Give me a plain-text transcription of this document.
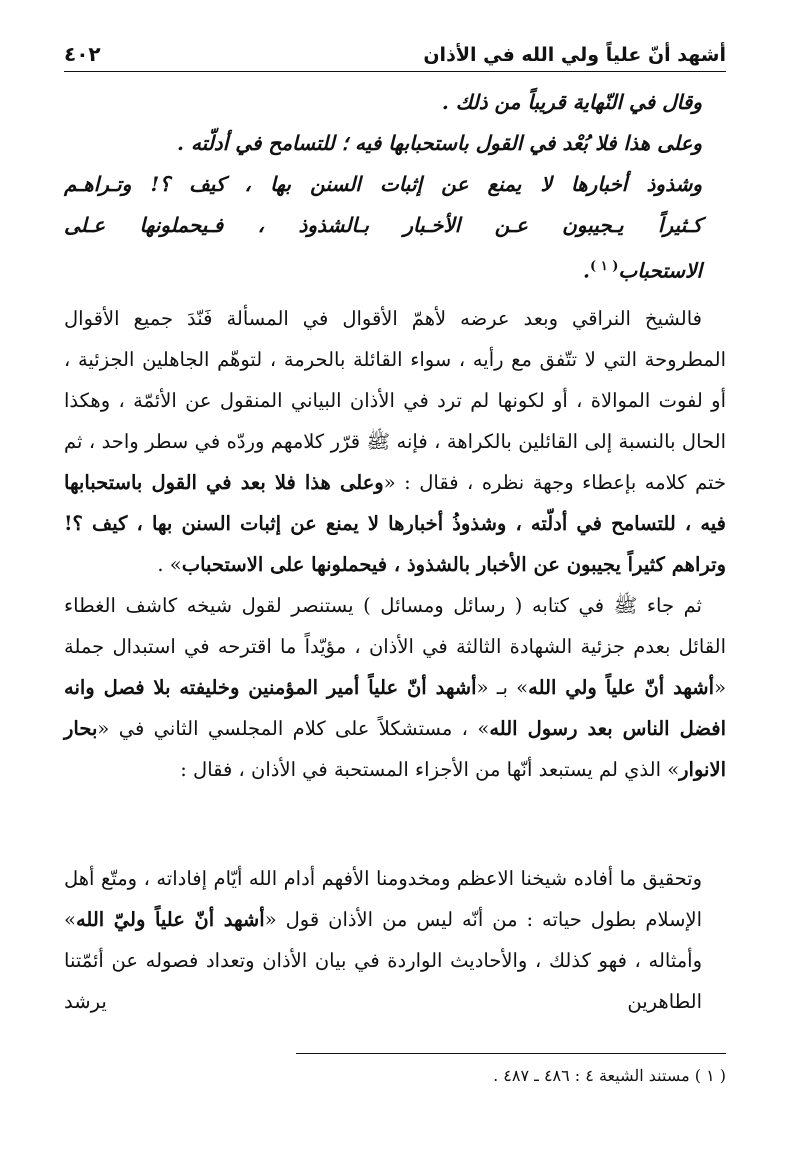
أشهد أنّ علياً ولي الله في الأذان
٤٠٢

وقال في النّهاية قريباً من ذلك .

وعلى هذا فلا بُعْد في القول باستحبابها فيه ؛ للتسامح في أدلّته .

وشذوذ أخبارها لا يمنع عن إثبات السنن بها ، كيف ؟! وتـراهـم

كـثيراً يـجيبون عـن الأخـبار بـالشذوذ ، فـيحملونها عـلى

الاستحباب$^{( ١ )}$.

فالشيخ النراقي وبعد عرضه لأهمّ الأقوال في المسألة فَنّدَ جميع الأقوال المطروحة التي لا تتّفق مع رأيه ، سواء القائلة بالحرمة ، لتوهّم الجاهلين الجزئية ، أو لفوت الموالاة ، أو لكونها لم ترد في الأذان البياني المنقول عن الأئمّة ، وهكذا الحال بالنسبة إلى القائلين بالكراهة ، فإنه ﷺ قرّر كلامهم وردّه في سطر واحد ، ثم ختم كلامه بإعطاء وجهة نظره ، فقال : «وعلى هذا فلا بعد في القول باستحبابها فيه ، للتسامح في أدلّته ، وشذوذُ أخبارها لا يمنع عن إثبات السنن بها ، كيف ؟! وتراهم كثيراً يجيبون عن الأخبار بالشذوذ ، فيحملونها على الاستحباب» .

ثم جاء ﷺ في كتابه ( رسائل ومسائل ) يستنصر لقول شيخه كاشف الغطاء القائل بعدم جزئية الشهادة الثالثة في الأذان ، مؤيّداً ما اقترحه في استبدال جملة «أشهد أنّ علياً ولي الله» بـ «أشهد أنّ علياً أمير المؤمنين وخليفته بلا فصل وانه افضل الناس بعد رسول الله» ، مستشكلاً على كلام المجلسي الثاني في «بحار الانوار» الذي لم يستبعد أنّها من الأجزاء المستحبة في الأذان ، فقال :

وتحقيق ما أفاده شيخنا الاعظم ومخدومنا الأفهم أدام الله أيّام إفاداته ، ومتّع أهل الإسلام بطول حياته : من أنّه ليس من الأذان قول «أشهد أنّ علياً وليّ الله» وأمثاله ، فهو كذلك ، والأحاديث الواردة في بيان الأذان وتعداد فصوله عن أئمّتنا الطاهرين يرشد

( ١ ) مستند الشيعة ٤ : ٤٨٦ ـ ٤٨٧ .
